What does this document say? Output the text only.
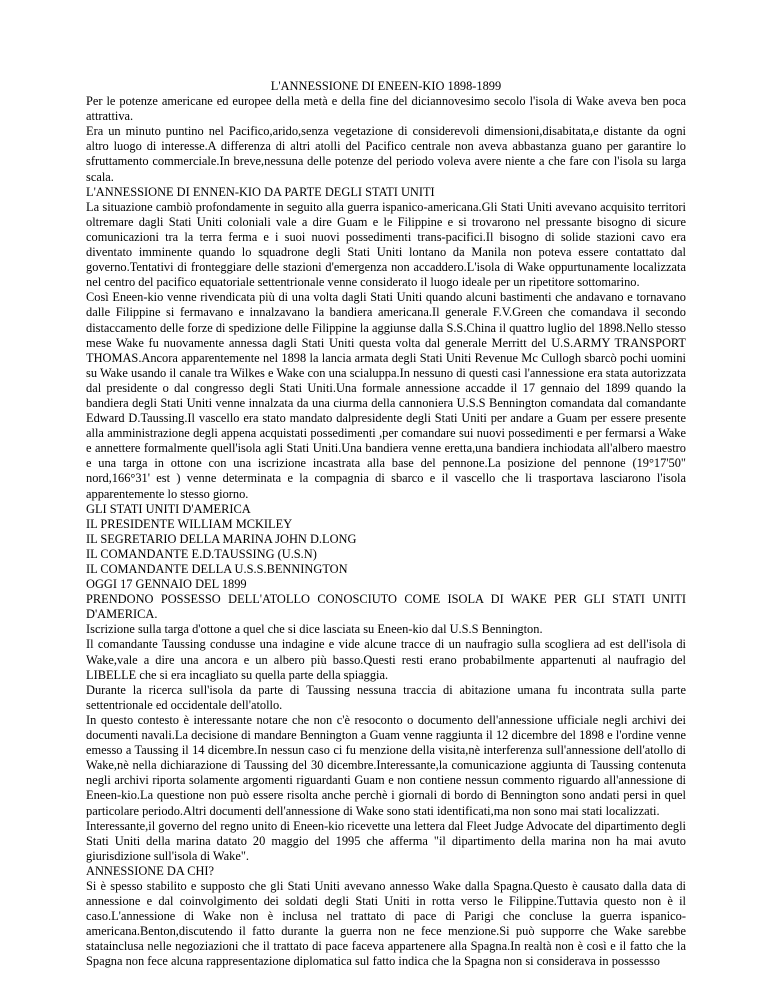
L'ANNESSIONE DI ENEEN-KIO 1898-1899

Per le potenze americane ed europee della metà e della fine del diciannovesimo secolo l'isola di Wake aveva ben poca attrattiva.

Era un minuto puntino nel Pacifico,arido,senza vegetazione di considerevoli dimensioni,disabitata,e distante da ogni altro luogo di interesse.A differenza di altri atolli del Pacifico centrale non aveva abbastanza guano per garantire lo sfruttamento commerciale.In breve,nessuna delle potenze del periodo voleva avere niente a che fare con l'isola su larga scala.

L'ANNESSIONE DI ENNEN-KIO DA PARTE DEGLI STATI UNITI

La situazione cambiò profondamente in seguito alla guerra ispanico-americana.Gli Stati Uniti avevano acquisito territori oltremare dagli Stati Uniti coloniali vale a dire Guam e le Filippine e si trovarono nel pressante bisogno di sicure comunicazioni tra la terra ferma e i suoi nuovi possedimenti trans-pacifici.Il bisogno di solide stazioni cavo era diventato imminente quando lo squadrone degli Stati Uniti lontano da Manila non poteva essere contattato dal governo.Tentativi di fronteggiare delle stazioni d'emergenza non accaddero.L'isola di Wake oppurtunamente localizzata nel centro del pacifico equatoriale settentrionale venne considerato il luogo ideale per un ripetitore sottomarino.

Così Eneen-kio venne rivendicata più di una volta dagli Stati Uniti quando alcuni bastimenti che andavano e tornavano dalle Filippine si fermavano e innalzavano la bandiera americana.Il generale F.V.Green che comandava il secondo distaccamento delle forze di spedizione delle Filippine la aggiunse dalla S.S.China il quattro luglio del 1898.Nello stesso mese Wake fu nuovamente annessa dagli Stati Uniti questa volta dal generale Merritt del U.S.ARMY TRANSPORT THOMAS.Ancora apparentemente nel 1898 la lancia armata degli Stati Uniti Revenue Mc Cullogh sbarcò pochi uomini su Wake usando il canale tra Wilkes e Wake con una scialuppa.In nessuno di questi casi l'annessione era stata autorizzata dal presidente o dal congresso degli Stati Uniti.Una formale annessione accadde il 17 gennaio del 1899 quando la bandiera degli Stati Uniti venne innalzata da una ciurma della cannoniera U.S.S Bennington comandata dal comandante Edward D.Taussing.Il vascello era stato mandato dalpresidente degli Stati Uniti per andare a Guam per essere presente alla amministrazione degli appena acquistati possedimenti ,per comandare sui nuovi possedimenti e per fermarsi a Wake e annettere formalmente quell'isola agli Stati Uniti.Una bandiera venne eretta,una bandiera inchiodata all'albero maestro e una targa in ottone con una iscrizione incastrata alla base del pennone.La posizione del pennone (19°17'50" nord,166°31' est ) venne determinata e la compagnia di sbarco e il vascello che li trasportava lasciarono l'isola apparentemente lo stesso giorno.

GLI STATI UNITI D'AMERICA
IL PRESIDENTE WILLIAM MCKILEY
IL SEGRETARIO DELLA MARINA JOHN D.LONG
IL COMANDANTE E.D.TAUSSING (U.S.N)
IL COMANDANTE DELLA U.S.S.BENNINGTON
OGGI 17 GENNAIO DEL 1899

PRENDONO POSSESSO DELL'ATOLLO CONOSCIUTO COME ISOLA DI WAKE PER GLI STATI UNITI D'AMERICA.

Iscrizione sulla targa d'ottone a quel che si dice lasciata su Eneen-kio dal U.S.S Bennington.

Il comandante Taussing condusse una indagine e vide alcune tracce di un naufragio sulla scogliera ad est dell'isola di Wake,vale a dire una ancora e un albero più basso.Questi resti erano probabilmente appartenuti al naufragio del LIBELLE che si era incagliato su quella parte della spiaggia.

Durante la ricerca sull'isola da parte di Taussing nessuna traccia di abitazione umana fu incontrata sulla parte settentrionale ed occidentale dell'atollo.

In questo contesto è interessante notare che non c'è resoconto o documento dell'annessione ufficiale negli archivi dei documenti navali.La decisione di mandare Bennington a Guam venne raggiunta il 12 dicembre del 1898 e l'ordine venne emesso a Taussing il 14 dicembre.In nessun caso ci fu menzione della visita,nè interferenza sull'annessione dell'atollo di Wake,nè nella dichiarazione di Taussing del 30 dicembre.Interessante,la comunicazione aggiunta di Taussing contenuta negli archivi riporta solamente argomenti riguardanti Guam e non contiene nessun commento riguardo all'annessione di Eneen-kio.La questione non può essere risolta anche perchè i giornali di bordo di Bennington sono andati persi in quel particolare periodo.Altri documenti dell'annessione di Wake sono stati identificati,ma non sono mai stati localizzati.

Interessante,il governo del regno unito di Eneen-kio ricevette una lettera dal Fleet Judge Advocate del dipartimento degli Stati Uniti della marina datato 20 maggio del 1995 che afferma "il dipartimento della marina non ha mai avuto giurisdizione sull'isola di Wake".

ANNESSIONE DA CHI?

Si è spesso stabilito e supposto che gli Stati Uniti avevano annesso Wake dalla Spagna.Questo è causato dalla data di annessione e dal coinvolgimento dei soldati degli Stati Uniti in rotta verso le Filippine.Tuttavia questo non è il caso.L'annessione di Wake non è inclusa nel trattato di pace di Parigi che concluse la guerra ispanico-americana.Benton,discutendo il fatto durante la guerra non ne fece menzione.Si può supporre che Wake sarebbe statainclusa nelle negoziazioni che il trattato di pace faceva appartenere alla Spagna.In realtà non è così e il fatto che la Spagna non fece alcuna rappresentazione diplomatica sul fatto indica che la Spagna non si considerava in possessso
